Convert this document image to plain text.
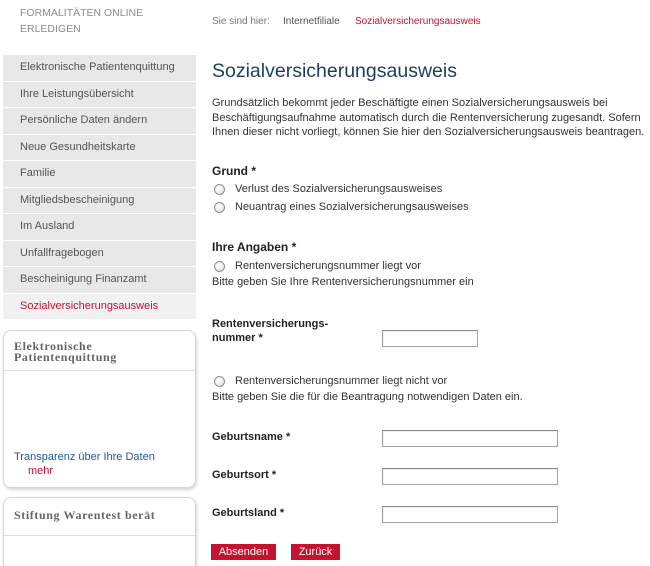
FORMALITÄTEN ONLINE
ERLEDIGEN
Elektronische Patientenquittung
Ihre Leistungsübersicht
Persönliche Daten ändern
Neue Gesundheitskarte
Familie
Mitgliedsbescheinigung
Im Ausland
Unfallfragebogen
Bescheinigung Finanzamt
Sozialversicherungsausweis
Elektronische Patientenquittung
Transparenz über Ihre Daten
mehr
Stiftung Warentest berät
Sie sind hier: Internetfiliale Sozialversicherungsausweis
Sozialversicherungsausweis
Grundsätzlich bekommt jeder Beschäftigte einen Sozialversicherungsausweis bei
Beschäftigungsaufnahme automatisch durch die Rentenversicherung zugesandt. Sofern
Ihnen dieser nicht vorliegt, können Sie hier den Sozialversicherungsausweis beantragen.
Grund *
Verlust des Sozialversicherungsausweises
Neuantrag eines Sozialversicherungsausweises
Ihre Angaben *
Rentenversicherungsnummer liegt vor
Bitte geben Sie Ihre Rentenversicherungsnummer ein
Rentenversicherungs-
nummer *
Rentenversicherungsnummer liegt nicht vor
Bitte geben Sie die für die Beantragung notwendigen Daten ein.
Geburtsname *
Geburtsort *
Geburtsland *
Absenden	Zurück
